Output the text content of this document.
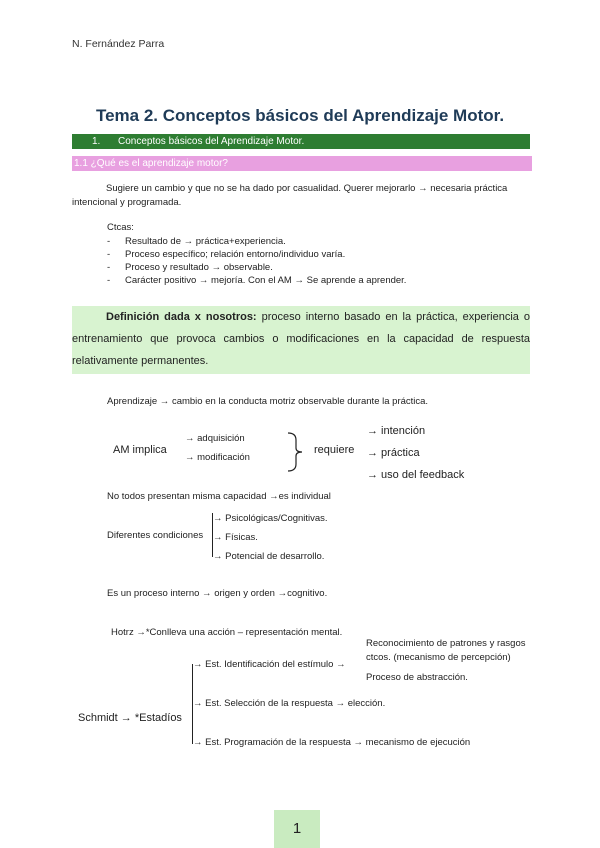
N. Fernández Parra
Tema 2. Conceptos básicos del Aprendizaje Motor.
1. Conceptos básicos del Aprendizaje Motor.
1.1 ¿Qué es el aprendizaje motor?
Sugiere un cambio y que no se ha dado por casualidad. Querer mejorarlo → necesaria práctica intencional y programada.
Ctcas:
- Resultado de → práctica+experiencia.
- Proceso específico; relación entorno/individuo varía.
- Proceso y resultado → observable.
- Carácter positivo → mejoría. Con el AM → Se aprende a aprender.
Definición dada x nosotros: proceso interno basado en la práctica, experiencia o entrenamiento que provoca cambios o modificaciones en la capacidad de respuesta relativamente permanentes.
Aprendizaje → cambio en la conducta motriz observable durante la práctica.
AM implica
→ adquisición
→ modificación
requiere
→ intención
→ práctica
→ uso del feedback
No todos presentan misma capacidad →es individual
Diferentes condiciones
→ Psicológicas/Cognitivas.
→ Físicas.
→ Potencial de desarrollo.
Es un proceso interno → origen y orden →cognitivo.
Hotrz →*Conlleva una acción – representación mental.
Schmidt → *Estadíos
→ Est. Identificación del estímulo →
→ Est. Selección de la respuesta → elección.
→ Est. Programación de la respuesta → mecanismo de ejecución
Reconocimiento de patrones y rasgos
ctcos. (mecanismo de percepción)
Proceso de abstracción.
1
